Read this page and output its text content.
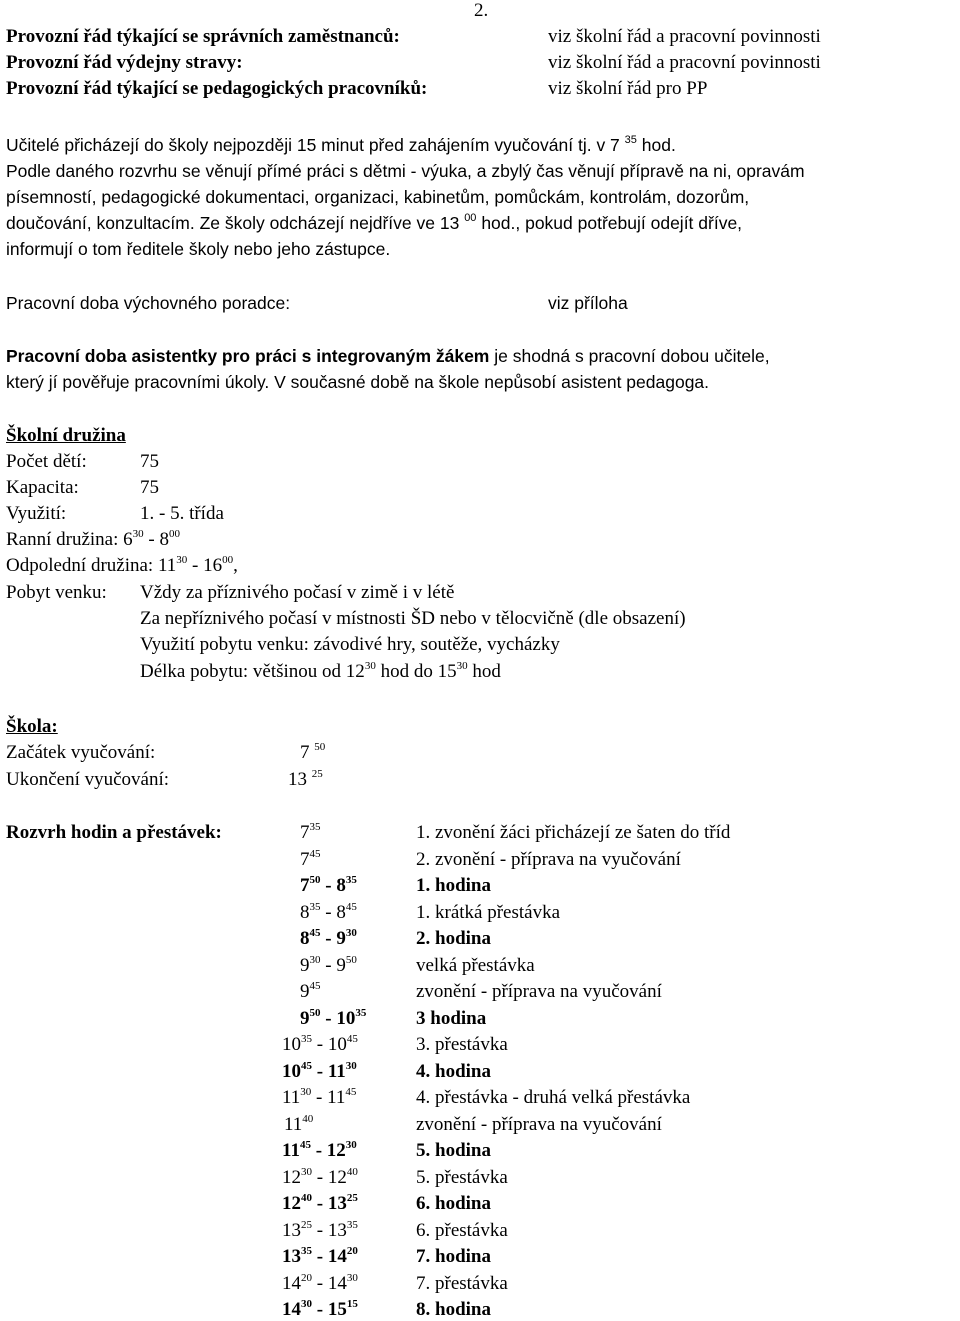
2.
Provozní řád týkající se správních zaměstnanců:	viz školní řád a pracovní povinnosti
Provozní řád výdejny stravy:	viz školní řád a pracovní povinnosti
Provozní řád týkající se pedagogických pracovníků:	viz školní řád pro PP
Učitelé přicházejí do školy nejpozději 15 minut před zahájením vyučování tj. v 7 $^{35}$ hod.
Podle daného rozvrhu se věnují přímé práci s dětmi - výuka, a zbylý čas věnují přípravě na ni, opravám
písemností, pedagogické dokumentaci, organizaci, kabinetům, pomůckám, kontrolám, dozorům,
doučování, konzultacím. Ze školy odcházejí nejdříve ve 13 $^{00}$ hod., pokud potřebují odejít dříve,
informují o tom ředitele školy nebo jeho zástupce.
Pracovní doba výchovného poradce:	viz příloha
Pracovní doba asistentky pro práci s integrovaným žákem je shodná s pracovní dobou učitele,
který jí pověřuje pracovními úkoly. V současné době na škole nepůsobí asistent pedagoga.
Školní družina
Počet dětí:	75
Kapacita:	75
Využití:	1. - 5. třída
Ranní družina: $6^{30} - 8^{00}$
Odpolední družina: $11^{30} - 16^{00}$,
Pobyt venku: Vždy za příznivého počasí v zimě i v létě
Za nepříznivého počasí v místnosti ŠD nebo v tělocvičně (dle obsazení)
Využití pobytu venku: závodivé hry, soutěže, vycházky
Délka pobytu: většinou od $12^{30}$ hod do $15^{30}$ hod
Škola:
Začátek vyučování:	7 $^{50}$
Ukončení vyučování:	13 $^{25}$
Rozvrh hodin a přestávek:	$7^{35}$	1. zvonění žáci přicházejí ze šaten do tříd
$7^{45}$	2. zvonění - příprava na vyučování
$7^{50} - 8^{35}$	1. hodina
$8^{35} - 8^{45}$	1. krátká přestávka
$8^{45} - 9^{30}$	2. hodina
$9^{30} - 9^{50}$	velká přestávka
$9^{45}$	zvonění - příprava na vyučování
$9^{50} - 10^{35}$	3 hodina
$10^{35} - 10^{45}$	3. přestávka
$10^{45} - 11^{30}$	4. hodina
$11^{30} - 11^{45}$	4. přestávka - druhá velká přestávka
$11^{40}$	zvonění - příprava na vyučování
$11^{45} - 12^{30}$	5. hodina
$12^{30} - 12^{40}$	5. přestávka
$12^{40} - 13^{25}$	6. hodina
$13^{25} - 13^{35}$	6. přestávka
$13^{35} - 14^{20}$	7. hodina
$14^{20} - 14^{30}$	7. přestávka
$14^{30} - 15^{15}$	8. hodina
